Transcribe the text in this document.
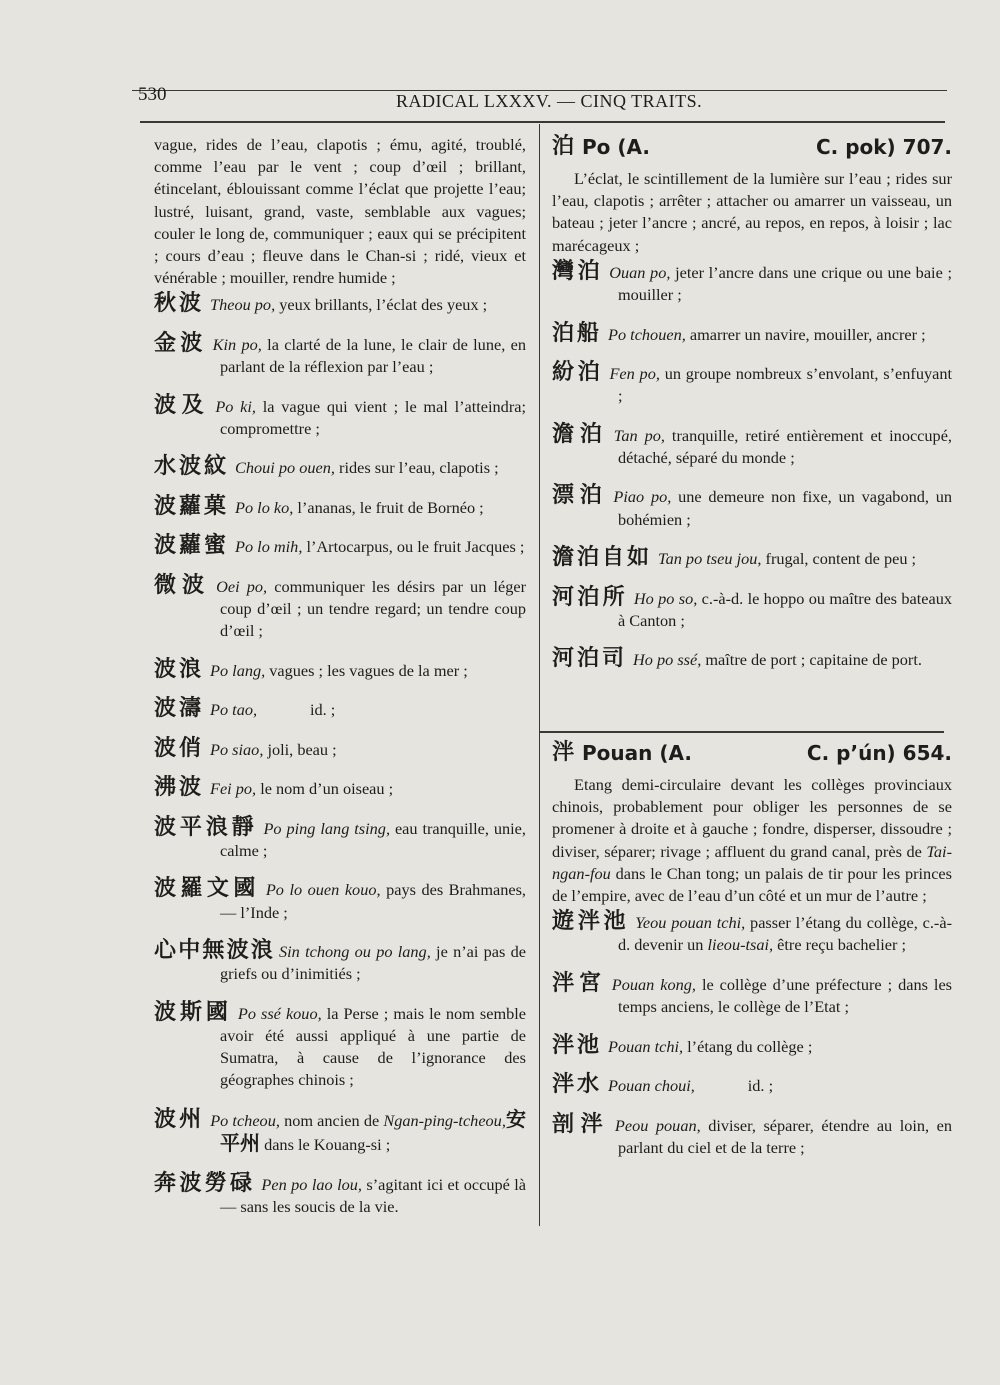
530	RADICAL LXXXV. — CINQ TRAITS.

vague, rides de l’eau, clapotis ; ému, agité, troublé, comme l’eau par le vent ; coup d’œil ; brillant, étincelant, éblouissant comme l’éclat que projette l’eau; lustré, luisant, grand, vaste, semblable aux vagues; couler le long de, communiquer ; eaux qui se précipitent ; cours d’eau ; fleuve dans le Chan-si ; ridé, vieux et vénérable ; mouiller, rendre humide ;

秋波 Theou po, yeux brillants, l’éclat des yeux ;

金波 Kin po, la clarté de la lune, le clair de lune, en parlant de la réflexion par l’eau ;

波及 Po ki, la vague qui vient ; le mal l’atteindra; compromettre ;

水波紋 Choui po ouen, rides sur l’eau, clapotis ;

波蘿菓 Po lo ko, l’ananas, le fruit de Bornéo ;

波蘿蜜 Po lo mih, l’Artocarpus, ou le fruit Jacques ;

微波 Oei po, communiquer les désirs par un léger coup d’œil ; un tendre regard; un tendre coup d’œil ;

波浪 Po lang, vagues ; les vagues de la mer ;

波濤 Po tao,             id. ;

波俏 Po siao, joli, beau ;

沸波 Fei po, le nom d’un oiseau ;

波平浪靜 Po ping lang tsing, eau tranquille, unie, calme ;

波羅文國 Po lo ouen kouo, pays des Brahmanes, — l’Inde ;

心中無波浪 Sin tchong ou po lang, je n’ai pas de griefs ou d’inimitiés ;

波斯國 Po ssé kouo, la Perse ; mais le nom semble avoir été aussi appliqué à une partie de Sumatra, à cause de l’ignorance des géographes chinois ;

波州 Po tcheou, nom ancien de Ngan-ping-tcheou,安平州 dans le Kouang-si ;

奔波勞碌 Pen po lao lou, s’agitant ici et occupé là — sans les soucis de la vie.

泊 Po (A.	C. pok) 707.

L’éclat, le scintillement de la lumière sur l’eau ; rides sur l’eau, clapotis ; arrêter ; attacher ou amarrer un vaisseau, un bateau ; jeter l’ancre ; ancré, au repos, en repos, à loisir ; lac marécageux ;

灣泊 Ouan po, jeter l’ancre dans une crique ou une baie ; mouiller ;

泊船 Po tchouen, amarrer un navire, mouiller, ancrer ;

紛泊 Fen po, un groupe nombreux s’envolant, s’enfuyant ;

澹泊 Tan po, tranquille, retiré entièrement et inoccupé, détaché, séparé du monde ;

漂泊 Piao po, une demeure non fixe, un vagabond, un bohémien ;

澹泊自如 Tan po tseu jou, frugal, content de peu ;

河泊所 Ho po so, c.-à-d. le hoppo ou maître des bateaux à Canton ;

河泊司 Ho po ssé, maître de port ; capitaine de port.

泮 Pouan (A.	C. p’ún) 654.

Etang demi-circulaire devant les collèges provinciaux chinois, probablement pour obliger les personnes de se promener à droite et à gauche ; fondre, disperser, dissoudre ; diviser, séparer; rivage ; affluent du grand canal, près de Tai-ngan-fou dans le Chan tong; un palais de tir pour les princes de l’empire, avec de l’eau d’un côté et un mur de l’autre ;

遊泮池 Yeou pouan tchi, passer l’étang du collège, c.-à-d. devenir un lieou-tsai, être reçu bachelier ;

泮宮 Pouan kong, le collège d’une préfecture ; dans les temps anciens, le collège de l’Etat ;

泮池 Pouan tchi, l’étang du collège ;

泮水 Pouan choui,             id. ;

剖泮 Peou pouan, diviser, séparer, étendre au loin, en parlant du ciel et de la terre ;
